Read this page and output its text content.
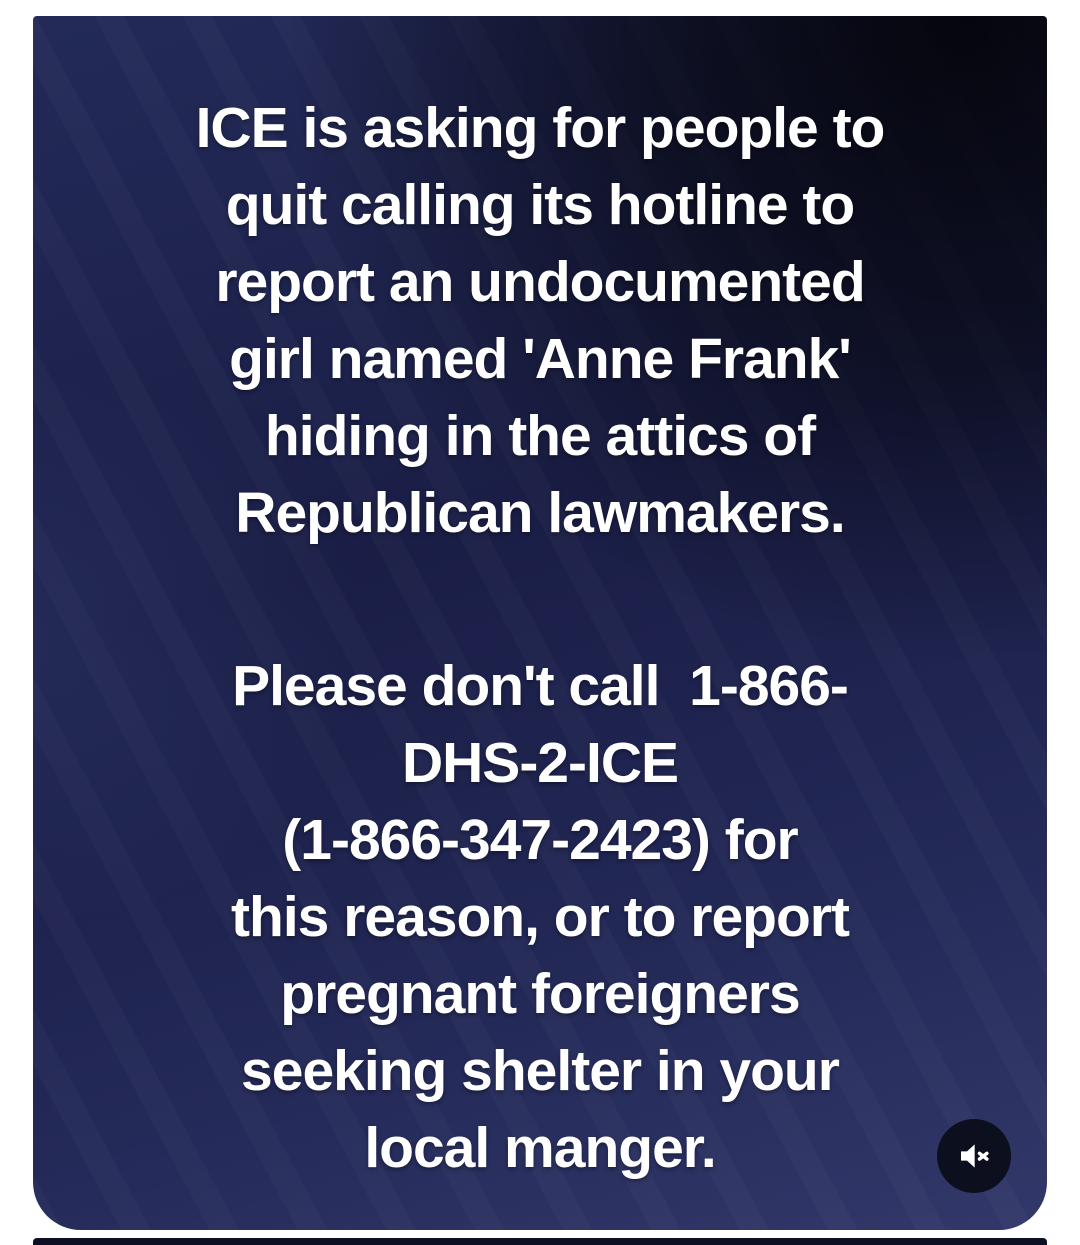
ICE is asking for people to
quit calling its hotline to
report an undocumented
girl named 'Anne Frank'
hiding in the attics of
Republican lawmakers.
Please don't call  1-866-
DHS-2-ICE
(1-866-347-2423) for
this reason, or to report
pregnant foreigners
seeking shelter in your
local manger.
